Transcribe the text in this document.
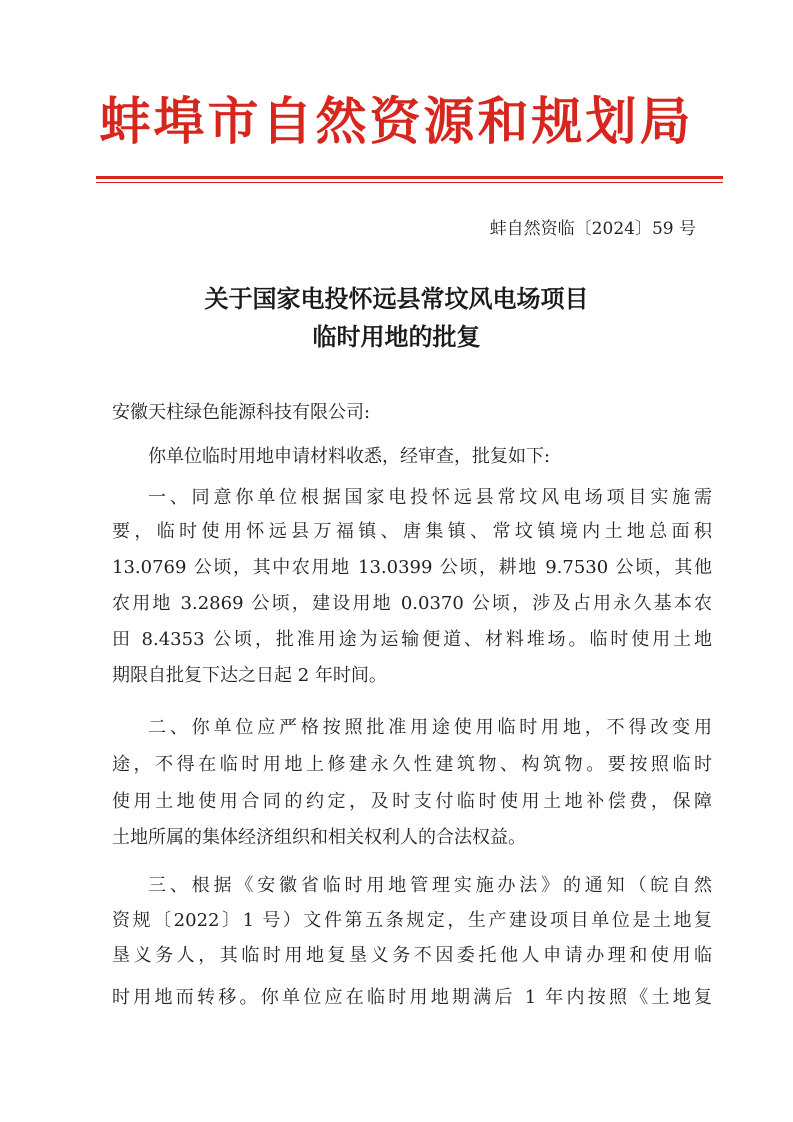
蚌埠市自然资源和规划局
蚌自然资临〔2024〕59 号
关于国家电投怀远县常坟风电场项目
临时用地的批复
安徽天柱绿色能源科技有限公司:
你单位临时用地申请材料收悉，经审查，批复如下:
一、同意你单位根据国家电投怀远县常坟风电场项目实施需
要，临时使用怀远县万福镇、唐集镇、常坟镇境内土地总面积
13.0769 公顷，其中农用地 13.0399 公顷，耕地 9.7530 公顷，其他
农用地 3.2869 公顷，建设用地 0.0370 公顷，涉及占用永久基本农
田 8.4353 公顷，批准用途为运输便道、材料堆场。临时使用土地
期限自批复下达之日起 2 年时间。
二、你单位应严格按照批准用途使用临时用地，不得改变用
途，不得在临时用地上修建永久性建筑物、构筑物。要按照临时
使用土地使用合同的约定，及时支付临时使用土地补偿费，保障
土地所属的集体经济组织和相关权利人的合法权益。
三、根据《安徽省临时用地管理实施办法》的通知（皖自然
资规〔2022〕1 号）文件第五条规定，生产建设项目单位是土地复
垦义务人，其临时用地复垦义务不因委托他人申请办理和使用临
时用地而转移。你单位应在临时用地期满后 1 年内按照《土地复
